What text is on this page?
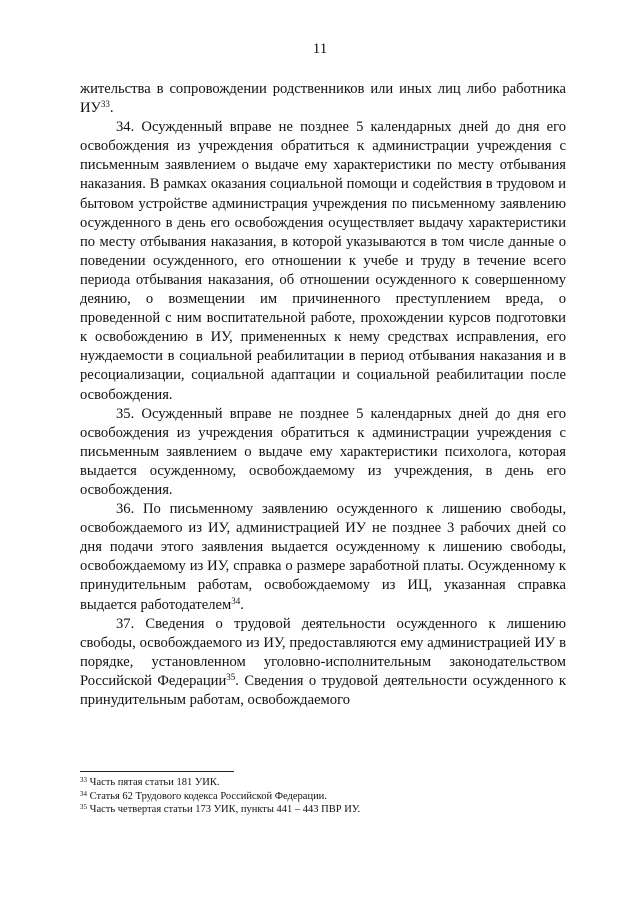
11

жительства в сопровождении родственников или иных лиц либо работника ИУ$^{33}$.

34. Осужденный вправе не позднее 5 календарных дней до дня его освобождения из учреждения обратиться к администрации учреждения с письменным заявлением о выдаче ему характеристики по месту отбывания наказания. В рамках оказания социальной помощи и содействия в трудовом и бытовом устройстве администрация учреждения по письменному заявлению осужденного в день его освобождения осуществляет выдачу характеристики по месту отбывания наказания, в которой указываются в том числе данные о поведении осужденного, его отношении к учебе и труду в течение всего периода отбывания наказания, об отношении осужденного к совершенному деянию, о возмещении им причиненного преступлением вреда, о проведенной с ним воспитательной работе, прохождении курсов подготовки к освобождению в ИУ, примененных к нему средствах исправления, его нуждаемости в социальной реабилитации в период отбывания наказания и в ресоциализации, социальной адаптации и социальной реабилитации после освобождения.

35. Осужденный вправе не позднее 5 календарных дней до дня его освобождения из учреждения обратиться к администрации учреждения с письменным заявлением о выдаче ему характеристики психолога, которая выдается осужденному, освобождаемому из учреждения, в день его освобождения.

36. По письменному заявлению осужденного к лишению свободы, освобождаемого из ИУ, администрацией ИУ не позднее 3 рабочих дней со дня подачи этого заявления выдается осужденному к лишению свободы, освобождаемому из ИУ, справка о размере заработной платы. Осужденному к принудительным работам, освобождаемому из ИЦ, указанная справка выдается работодателем$^{34}$.

37. Сведения о трудовой деятельности осужденного к лишению свободы, освобождаемого из ИУ, предоставляются ему администрацией ИУ в порядке, установленном уголовно-исполнительным законодательством Российской Федерации$^{35}$. Сведения о трудовой деятельности осужденного к принудительным работам, освобождаемого

$^{33}$ Часть пятая статьи 181 УИК.
$^{34}$ Статья 62 Трудового кодекса Российской Федерации.
$^{35}$ Часть четвертая статьи 173 УИК, пункты 441 – 443 ПВР ИУ.
